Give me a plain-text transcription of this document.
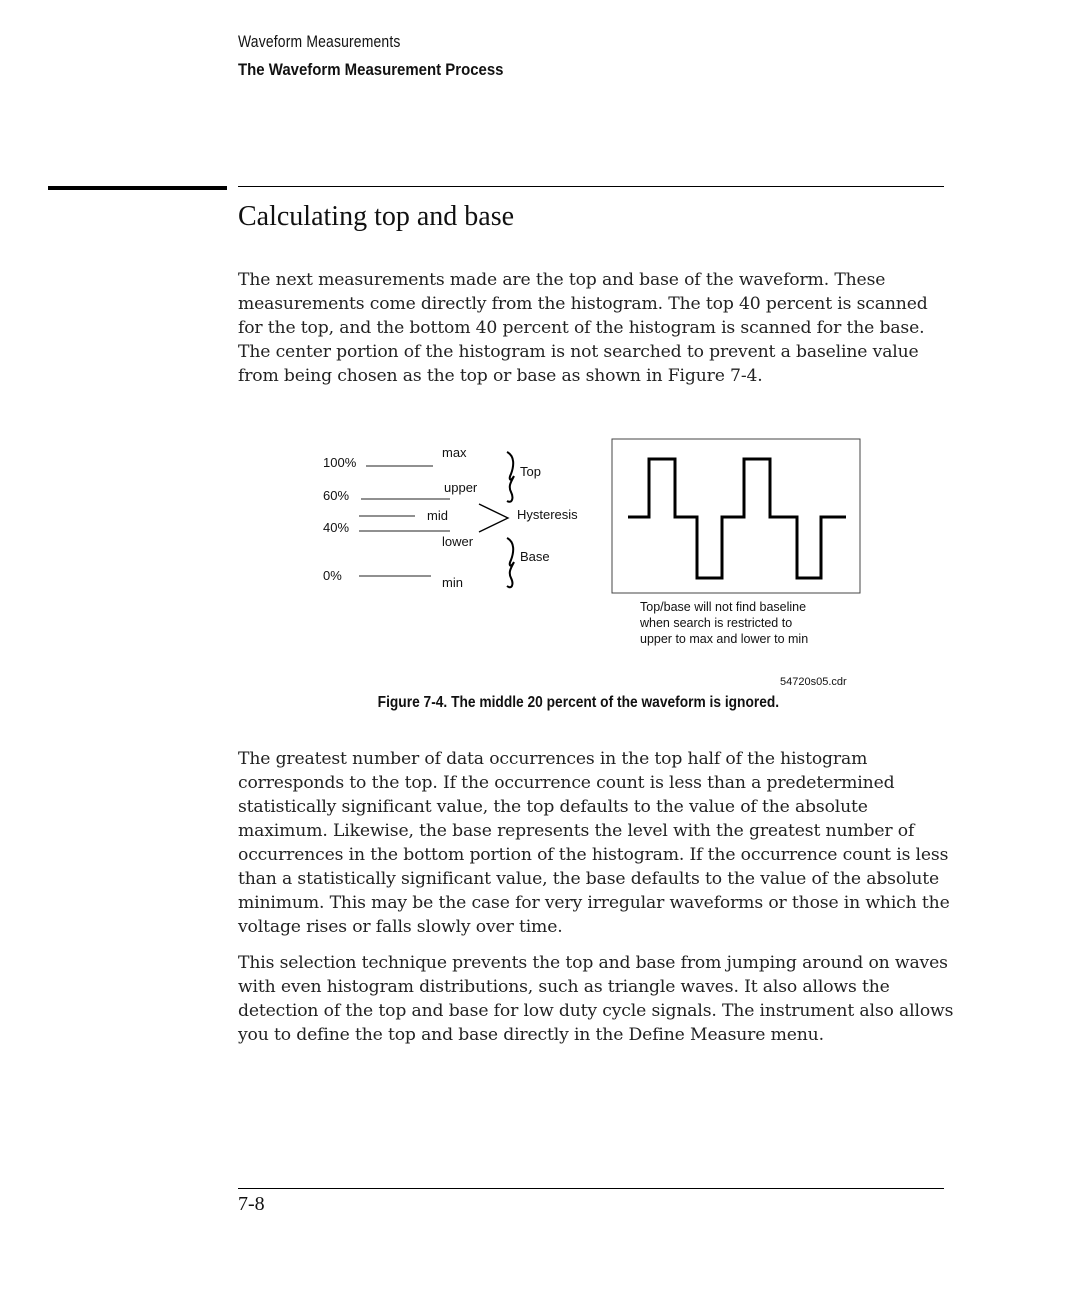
Waveform Measurements
The Waveform Measurement Process
Calculating top and base

The next measurements made are the top and base of the waveform. These measurements come directly from the histogram. The top 40 percent is scanned for the top, and the bottom 40 percent of the histogram is scanned for the base. The center portion of the histogram is not searched to prevent a baseline value from being chosen as the top or base as shown in Figure 7-4.

100%
60%
40%
0%
max
upper
mid
lower
min
Top
Hysteresis
Base
Top/base will not find baseline
when search is restricted to
upper to max and lower to min
54720s05.cdr
Figure 7-4. The middle 20 percent of the waveform is ignored.

The greatest number of data occurrences in the top half of the histogram corresponds to the top. If the occurrence count is less than a predetermined statistically significant value, the top defaults to the value of the absolute maximum. Likewise, the base represents the level with the greatest number of occurrences in the bottom portion of the histogram. If the occurrence count is less than a statistically significant value, the base defaults to the value of the absolute minimum. This may be the case for very irregular waveforms or those in which the voltage rises or falls slowly over time.

This selection technique prevents the top and base from jumping around on waves with even histogram distributions, such as triangle waves. It also allows the detection of the top and base for low duty cycle signals. The instrument also allows you to define the top and base directly in the Define Measure menu.

7-8
